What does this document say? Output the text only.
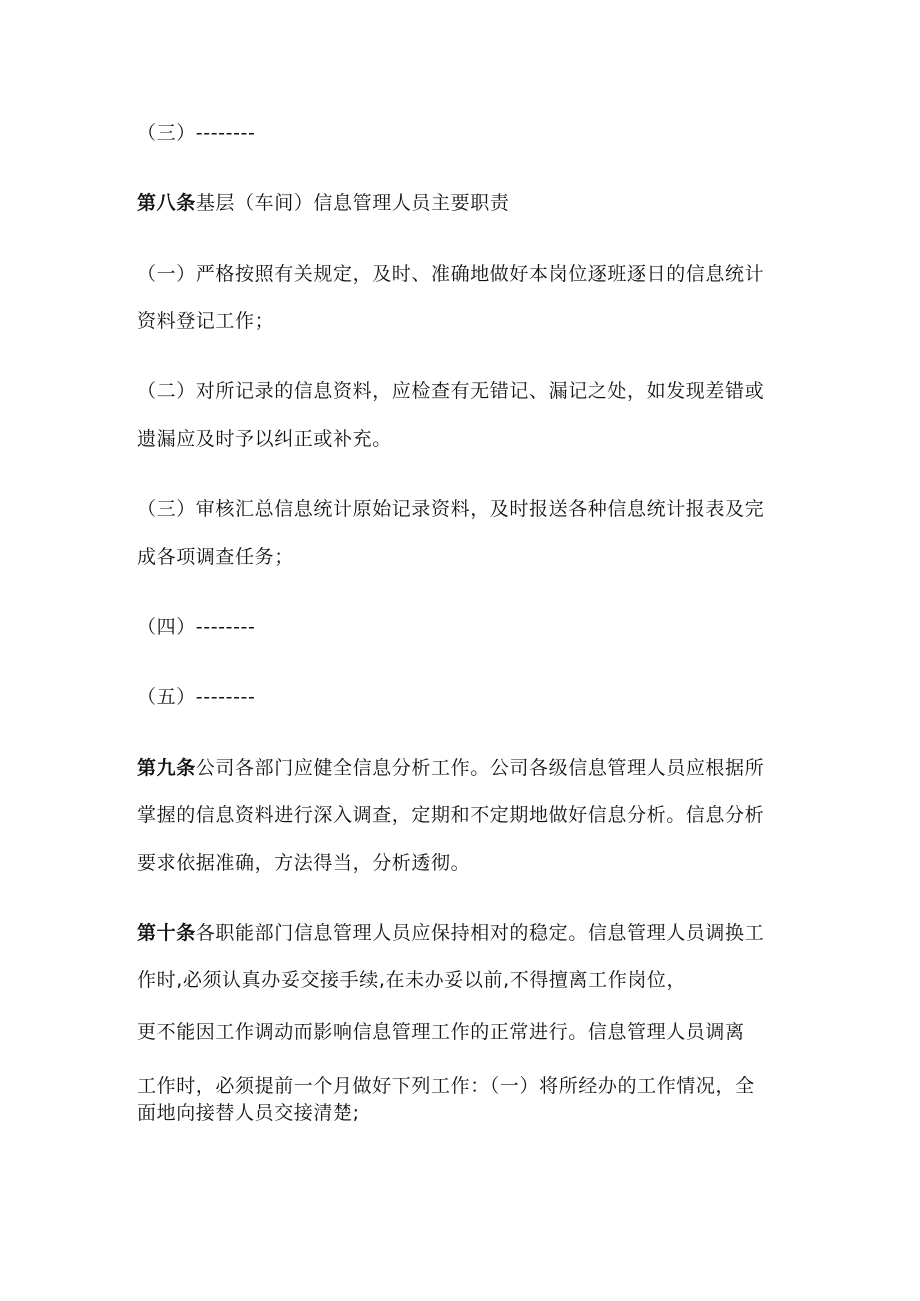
（三）--------
第八条基层（车间）信息管理人员主要职责
（一）严格按照有关规定，及时、准确地做好本岗位逐班逐日的信息统计
资料登记工作；
（二）对所记录的信息资料，应检查有无错记、漏记之处，如发现差错或
遗漏应及时予以纠正或补充。
（三）审核汇总信息统计原始记录资料，及时报送各种信息统计报表及完
成各项调查任务；
（四）--------
（五）--------
第九条公司各部门应健全信息分析工作。公司各级信息管理人员应根据所
掌握的信息资料进行深入调查，定期和不定期地做好信息分析。信息分析
要求依据准确，方法得当，分析透彻。
第十条各职能部门信息管理人员应保持相对的稳定。信息管理人员调换工
作时,必须认真办妥交接手续,在未办妥以前,不得擅离工作岗位，
更不能因工作调动而影响信息管理工作的正常进行。信息管理人员调离
工作时，必须提前一个月做好下列工作：（一）将所经办的工作情况，全
面地向接替人员交接清楚;
